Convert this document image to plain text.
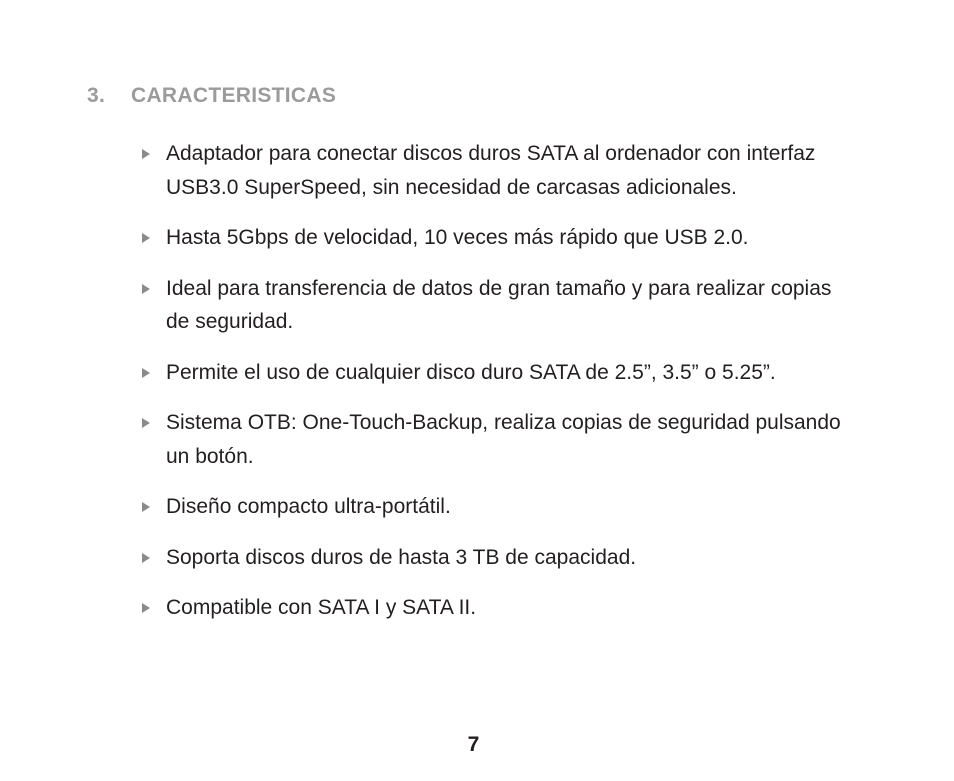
3. CARACTERISTICAS
Adaptador para conectar discos duros SATA al ordenador con interfaz USB3.0 SuperSpeed, sin necesidad de carcasas adicionales.
Hasta 5Gbps de velocidad, 10 veces más rápido que USB 2.0.
Ideal para transferencia de datos de gran tamaño y para realizar copias de seguridad.
Permite el uso de cualquier disco duro SATA de 2.5”, 3.5” o 5.25”.
Sistema OTB: One-Touch-Backup, realiza copias de seguridad pulsando un botón.
Diseño compacto ultra-portátil.
Soporta discos duros de hasta 3 TB de capacidad.
Compatible con SATA I y SATA II.
7
